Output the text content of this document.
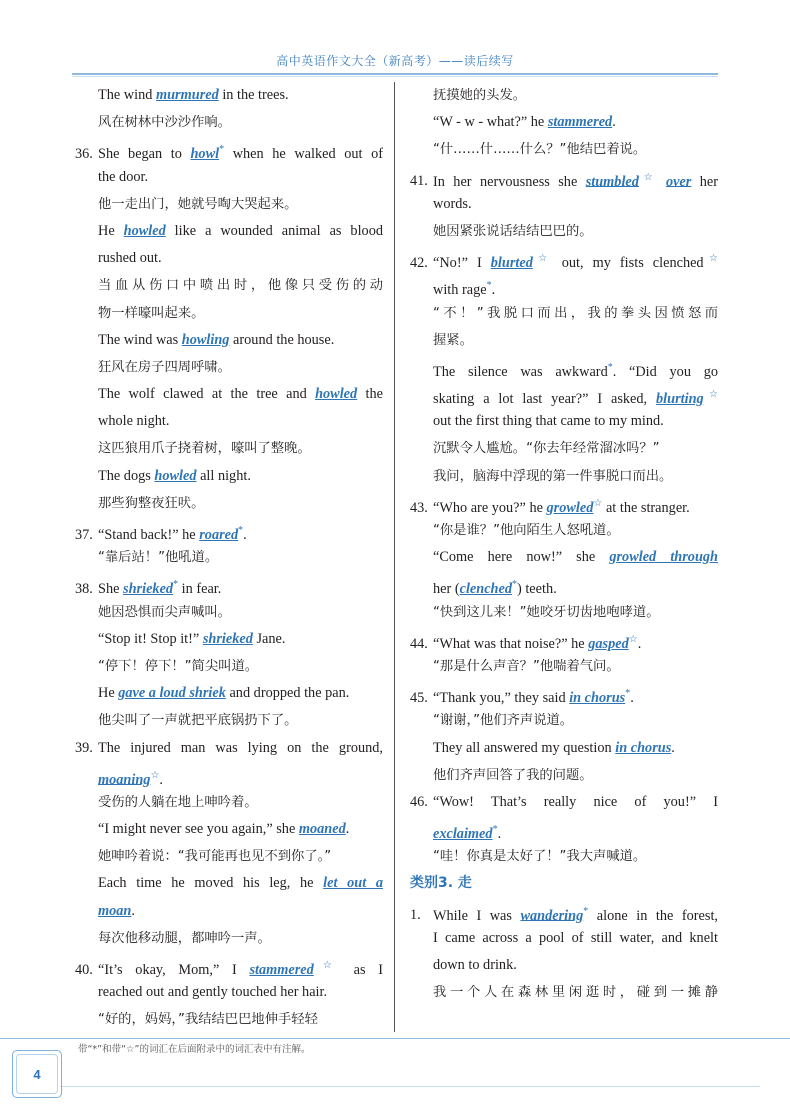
高中英语作文大全（新高考）——读后续写
The wind murmured in the trees.
风在树林中沙沙作响。
36. She began to howl* when he walked out of
the door.
他一走出门，她就号啕大哭起来。
He howled like a wounded animal as blood
rushed out.
当血从伤口中喷出时，他像只受伤的动
物一样嚎叫起来。
The wind was howling around the house.
狂风在房子四周呼啸。
The wolf clawed at the tree and howled the
whole night.
这匹狼用爪子挠着树，嚎叫了整晚。
The dogs howled all night.
那些狗整夜狂吠。
37. “Stand back!” he roared*.
“靠后站！”他吼道。
38. She shrieked* in fear.
她因恐惧而尖声喊叫。
“Stop it! Stop it!” shrieked Jane.
“停下！停下！”简尖叫道。
He gave a loud shriek and dropped the pan.
他尖叫了一声就把平底锅扔下了。
39. The injured man was lying on the ground,
moaning☆.
受伤的人躺在地上呻吟着。
“I might never see you again,” she moaned.
她呻吟着说：“我可能再也见不到你了。”
Each time he moved his leg, he let out a
moan.
每次他移动腿，都呻吟一声。
40. “It’s okay, Mom,” I stammered☆ as I
reached out and gently touched her hair.
“好的，妈妈，”我结结巴巴地伸手轻轻
抚摸她的头发。
“W - w - what?” he stammered.
“什……什……什么？”他结巴着说。
41. In her nervousness she stumbled☆ over her
words.
她因紧张说话结结巴巴的。
42. “No!” I blurted☆ out, my fists clenched☆
with rage*.
“不！”我脱口而出，我的拳头因愤怒而
握紧。
The silence was awkward*. “Did you go
skating a lot last year?” I asked, blurting☆
out the first thing that came to my mind.
沉默令人尴尬。“你去年经常溜冰吗？”
我问，脑海中浮现的第一件事脱口而出。
43. “Who are you?” he growled☆ at the stranger.
“你是谁？”他向陌生人怒吼道。
“Come here now!” she growled through
her (clenched*) teeth.
“快到这儿来！”她咬牙切齿地咆哮道。
44. “What was that noise?” he gasped☆.
“那是什么声音？”他喘着气问。
45. “Thank you,” they said in chorus*.
“谢谢，”他们齐声说道。
They all answered my question in chorus.
他们齐声回答了我的问题。
46. “Wow! That’s really nice of you!” I
exclaimed*.
“哇！你真是太好了！”我大声喊道。
类别3. 走
1. While I was wandering* alone in the forest,
I came across a pool of still water, and knelt
down to drink.
我一个人在森林里闲逛时，碰到一摊静
带“*”和带“☆”的词汇在后面附录中的词汇表中有注解。
4
